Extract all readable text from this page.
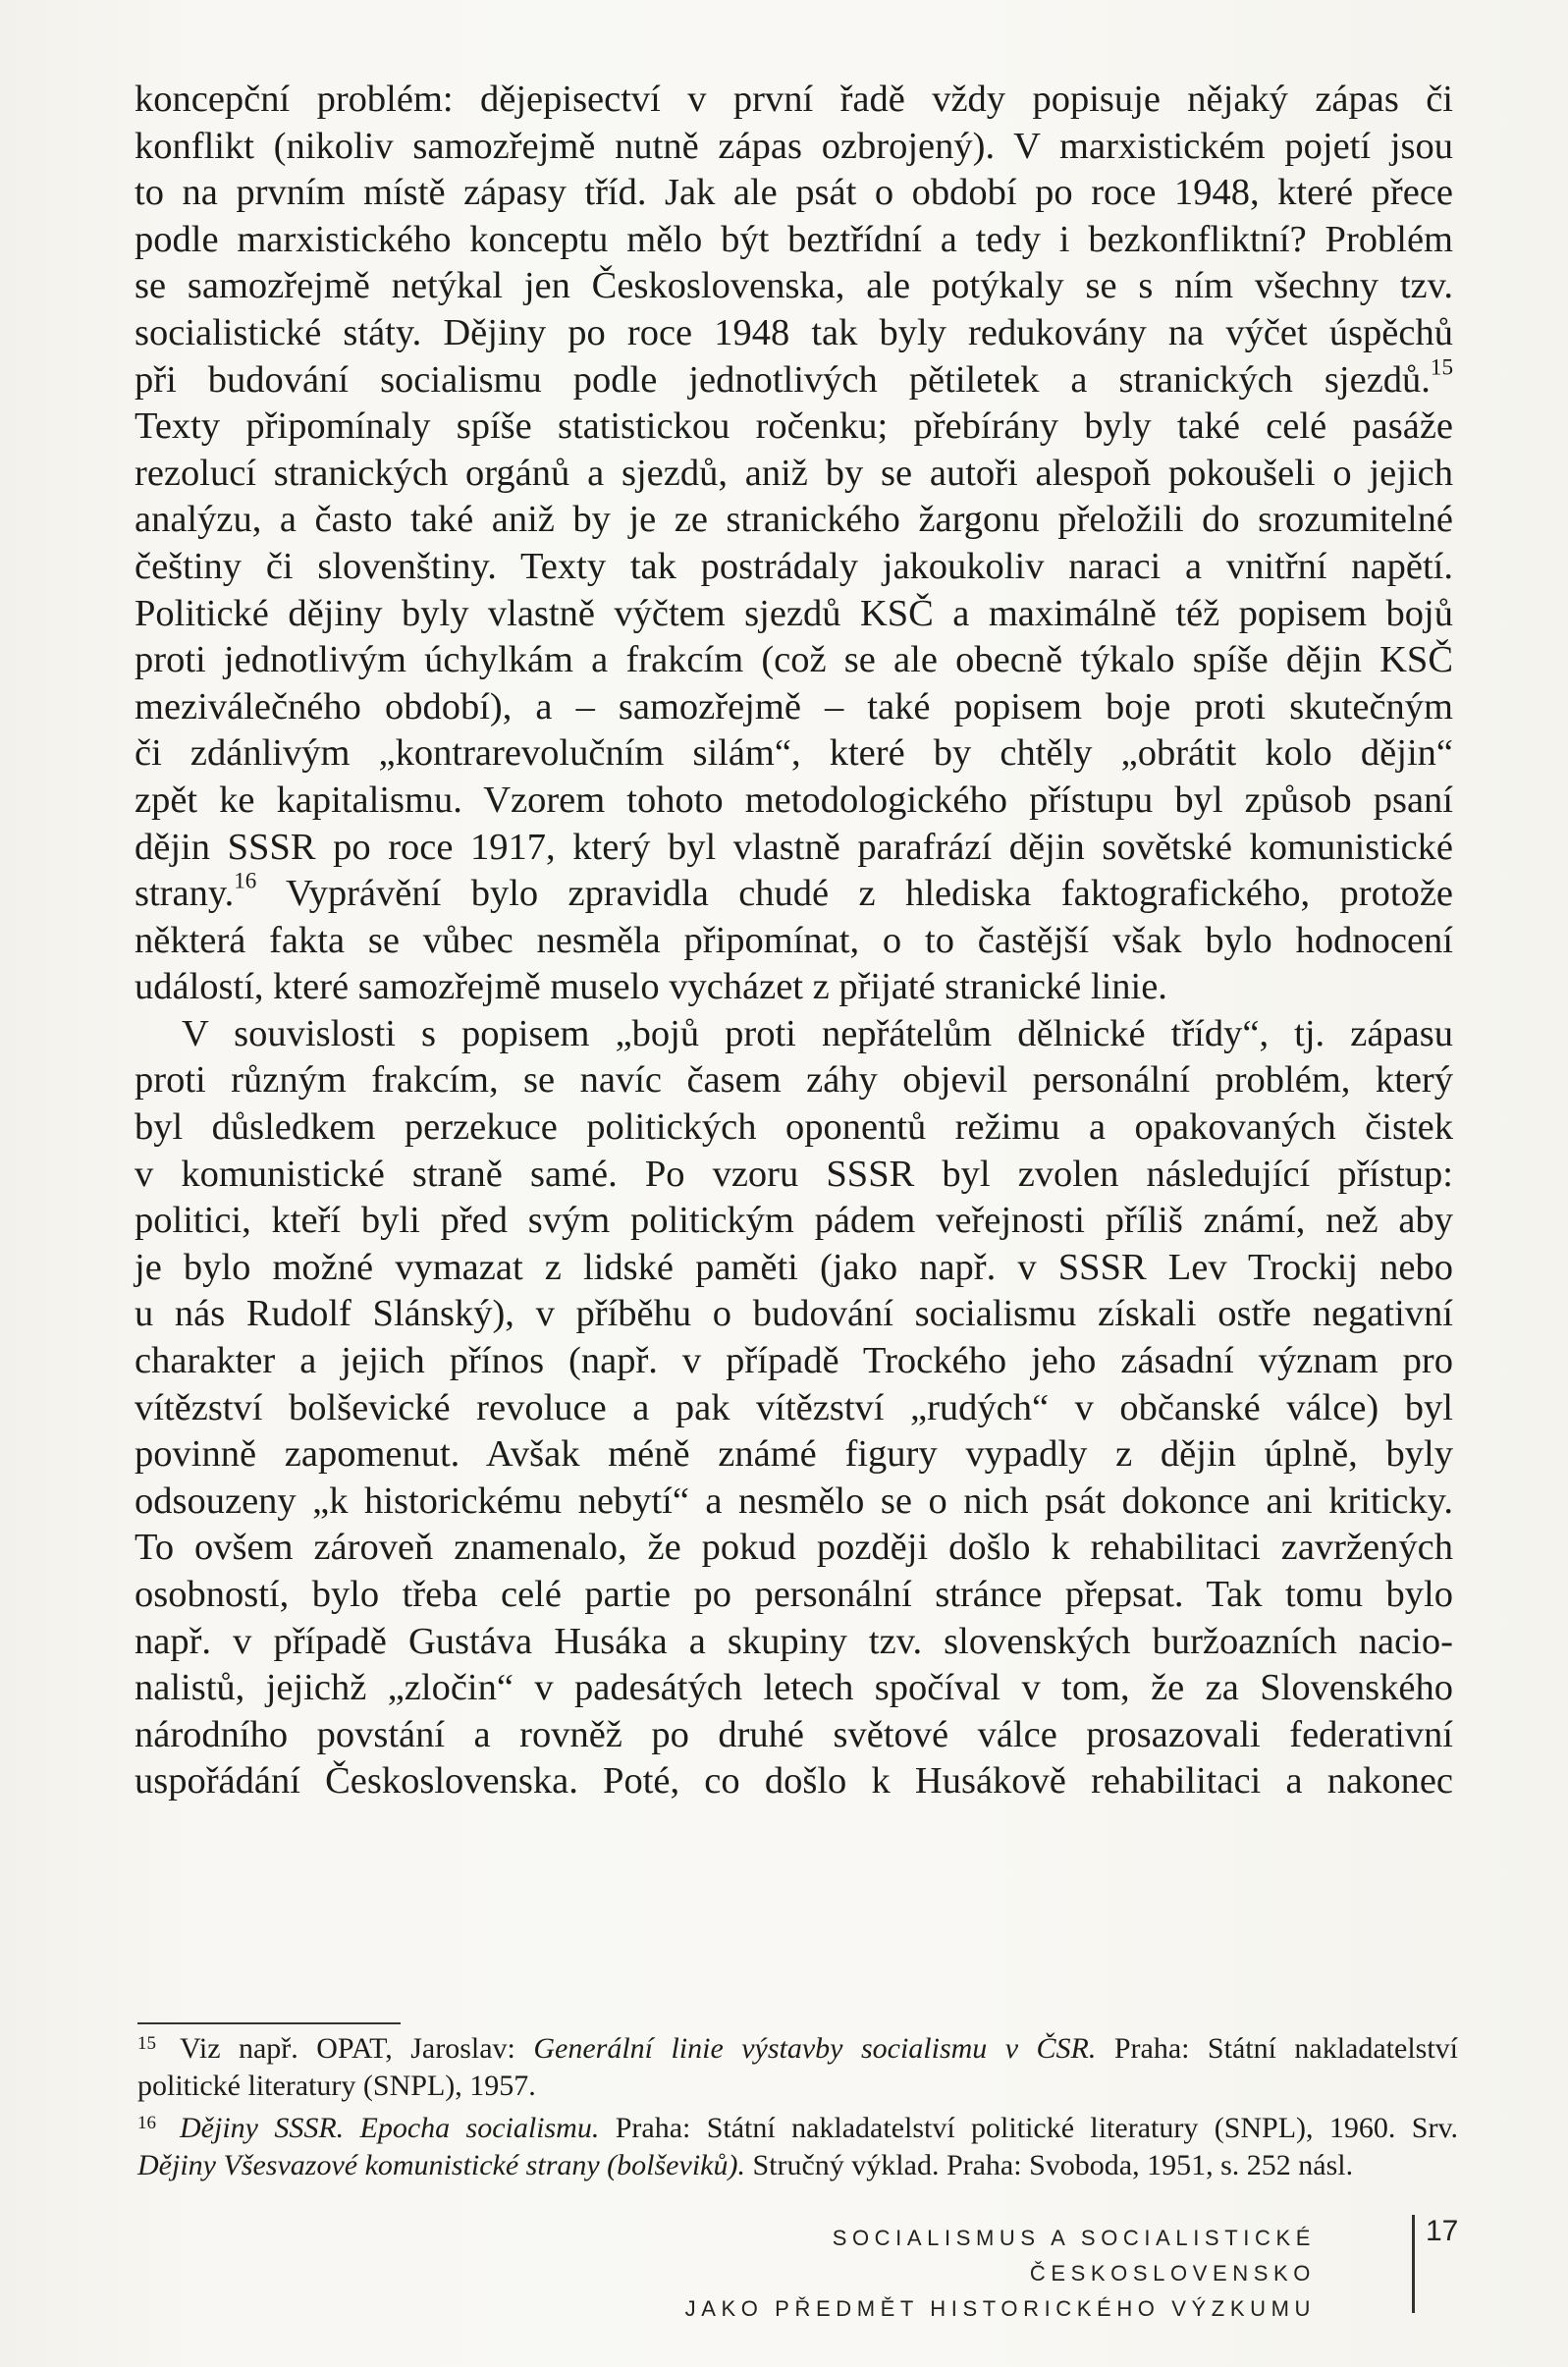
koncepční problém: dějepisectví v první řadě vždy popisuje nějaký zápas či
konflikt (nikoliv samozřejmě nutně zápas ozbrojený). V marxistickém pojetí jsou
to na prvním místě zápasy tříd. Jak ale psát o období po roce 1948, které přece
podle marxistického konceptu mělo být beztřídní a tedy i bezkonfliktní? Problém
se samozřejmě netýkal jen Československa, ale potýkaly se s ním všechny tzv.
socialistické státy. Dějiny po roce 1948 tak byly redukovány na výčet úspěchů
při budování socialismu podle jednotlivých pětiletek a stranických sjezdů.$^{15}$
Texty připomínaly spíše statistickou ročenku; přebírány byly také celé pasáže
rezolucí stranických orgánů a sjezdů, aniž by se autoři alespoň pokoušeli o jejich
analýzu, a často také aniž by je ze stranického žargonu přeložili do srozumitelné
češtiny či slovenštiny. Texty tak postrádaly jakoukoliv naraci a vnitřní napětí.
Politické dějiny byly vlastně výčtem sjezdů KSČ a maximálně též popisem bojů
proti jednotlivým úchylkám a frakcím (což se ale obecně týkalo spíše dějin KSČ
meziválečného období), a – samozřejmě – také popisem boje proti skutečným
či zdánlivým „kontrarevolučním silám“, které by chtěly „obrátit kolo dějin“
zpět ke kapitalismu. Vzorem tohoto metodologického přístupu byl způsob psaní
dějin SSSR po roce 1917, který byl vlastně parafrází dějin sovětské komunistické
strany.$^{16}$ Vyprávění bylo zpravidla chudé z hlediska faktografického, protože
některá fakta se vůbec nesměla připomínat, o to častější však bylo hodnocení
událostí, které samozřejmě muselo vycházet z přijaté stranické linie.

V souvislosti s popisem „bojů proti nepřátelům dělnické třídy“, tj. zápasu
proti různým frakcím, se navíc časem záhy objevil personální problém, který
byl důsledkem perzekuce politických oponentů režimu a opakovaných čistek
v komunistické straně samé. Po vzoru SSSR byl zvolen následující přístup:
politici, kteří byli před svým politickým pádem veřejnosti příliš známí, než aby
je bylo možné vymazat z lidské paměti (jako např. v SSSR Lev Trockij nebo
u nás Rudolf Slánský), v příběhu o budování socialismu získali ostře negativní
charakter a jejich přínos (např. v případě Trockého jeho zásadní význam pro
vítězství bolševické revoluce a pak vítězství „rudých“ v občanské válce) byl
povinně zapomenut. Avšak méně známé figury vypadly z dějin úplně, byly
odsouzeny „k historickému nebytí“ a nesmělo se o nich psát dokonce ani kriticky.
To ovšem zároveň znamenalo, že pokud později došlo k rehabilitaci zavržených
osobností, bylo třeba celé partie po personální stránce přepsat. Tak tomu bylo
např. v případě Gustáva Husáka a skupiny tzv. slovenských buržoazních nacio-
nalistů, jejichž „zločin“ v padesátých letech spočíval v tom, že za Slovenského
národního povstání a rovněž po druhé světové válce prosazovali federativní
uspořádání Československa. Poté, co došlo k Husákově rehabilitaci a nakonec

$^{15}$ Viz např. OPAT, Jaroslav: Generální linie výstavby socialismu v ČSR. Praha: Státní nakladatelství
politické literatury (SNPL), 1957.
$^{16}$ Dějiny SSSR. Epocha socialismu. Praha: Státní nakladatelství politické literatury (SNPL), 1960. Srv.
Dějiny Všesvazové komunistické strany (bolševiků). Stručný výklad. Praha: Svoboda, 1951, s. 252 násl.
SOCIALISMUS A SOCIALISTICKÉ ČESKOSLOVENSKO
JAKO PŘEDMĚT HISTORICKÉHO VÝZKUMU
17
